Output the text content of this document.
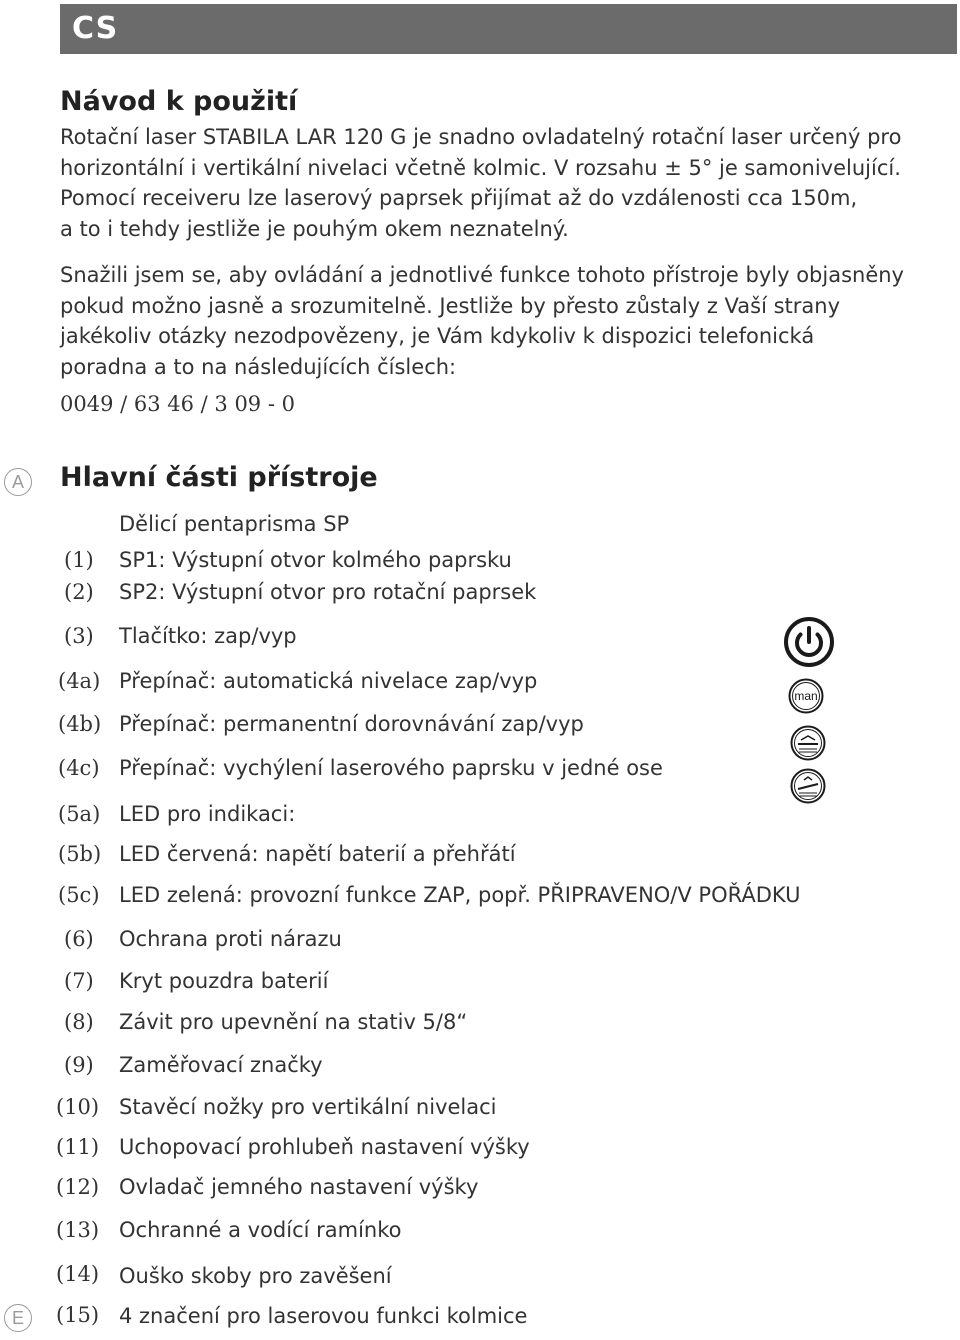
CS
Návod k použití
Rotační laser STABILA LAR 120 G je snadno ovladatelný rotační laser určený pro
horizontální i vertikální nivelaci včetně kolmic. V rozsahu ± 5° je samonivelující.
Pomocí receiveru lze laserový paprsek přijímat až do vzdálenosti cca 150m,
a to i tehdy jestliže je pouhým okem neznatelný.
Snažili jsem se, aby ovládání a jednotlivé funkce tohoto přístroje byly objasněny
pokud možno jasně a srozumitelně. Jestliže by přesto zůstaly z Vaší strany
jakékoliv otázky nezodpovězeny, je Vám kdykoliv k dispozici telefonická
poradna a to na následujících číslech:
0049 / 63 46 / 3 09 - 0
A
E
Hlavní části přístroje
Dělicí pentaprisma SP
(1) SP1: Výstupní otvor kolmého paprsku
(2) SP2: Výstupní otvor pro rotační paprsek
(3) Tlačítko: zap/vyp
(4a) Přepínač: automatická nivelace zap/vyp
(4b) Přepínač: permanentní dorovnávání zap/vyp
(4c) Přepínač: vychýlení laserového paprsku v jedné ose
(5a) LED pro indikaci:
(5b) LED červená: napětí baterií a přehřátí
(5c) LED zelená: provozní funkce ZAP, popř. PŘIPRAVENO/V POŘÁDKU
(6) Ochrana proti nárazu
(7) Kryt pouzdra baterií
(8) Závit pro upevnění na stativ 5/8“
(9) Zaměřovací značky
(10) Stavěcí nožky pro vertikální nivelaci
(11) Uchopovací prohlubeň nastavení výšky
(12) Ovladač jemného nastavení výšky
(13) Ochranné a vodící ramínko
(14) Ouško skoby pro zavěšení
(15) 4 značení pro laserovou funkci kolmice
man
